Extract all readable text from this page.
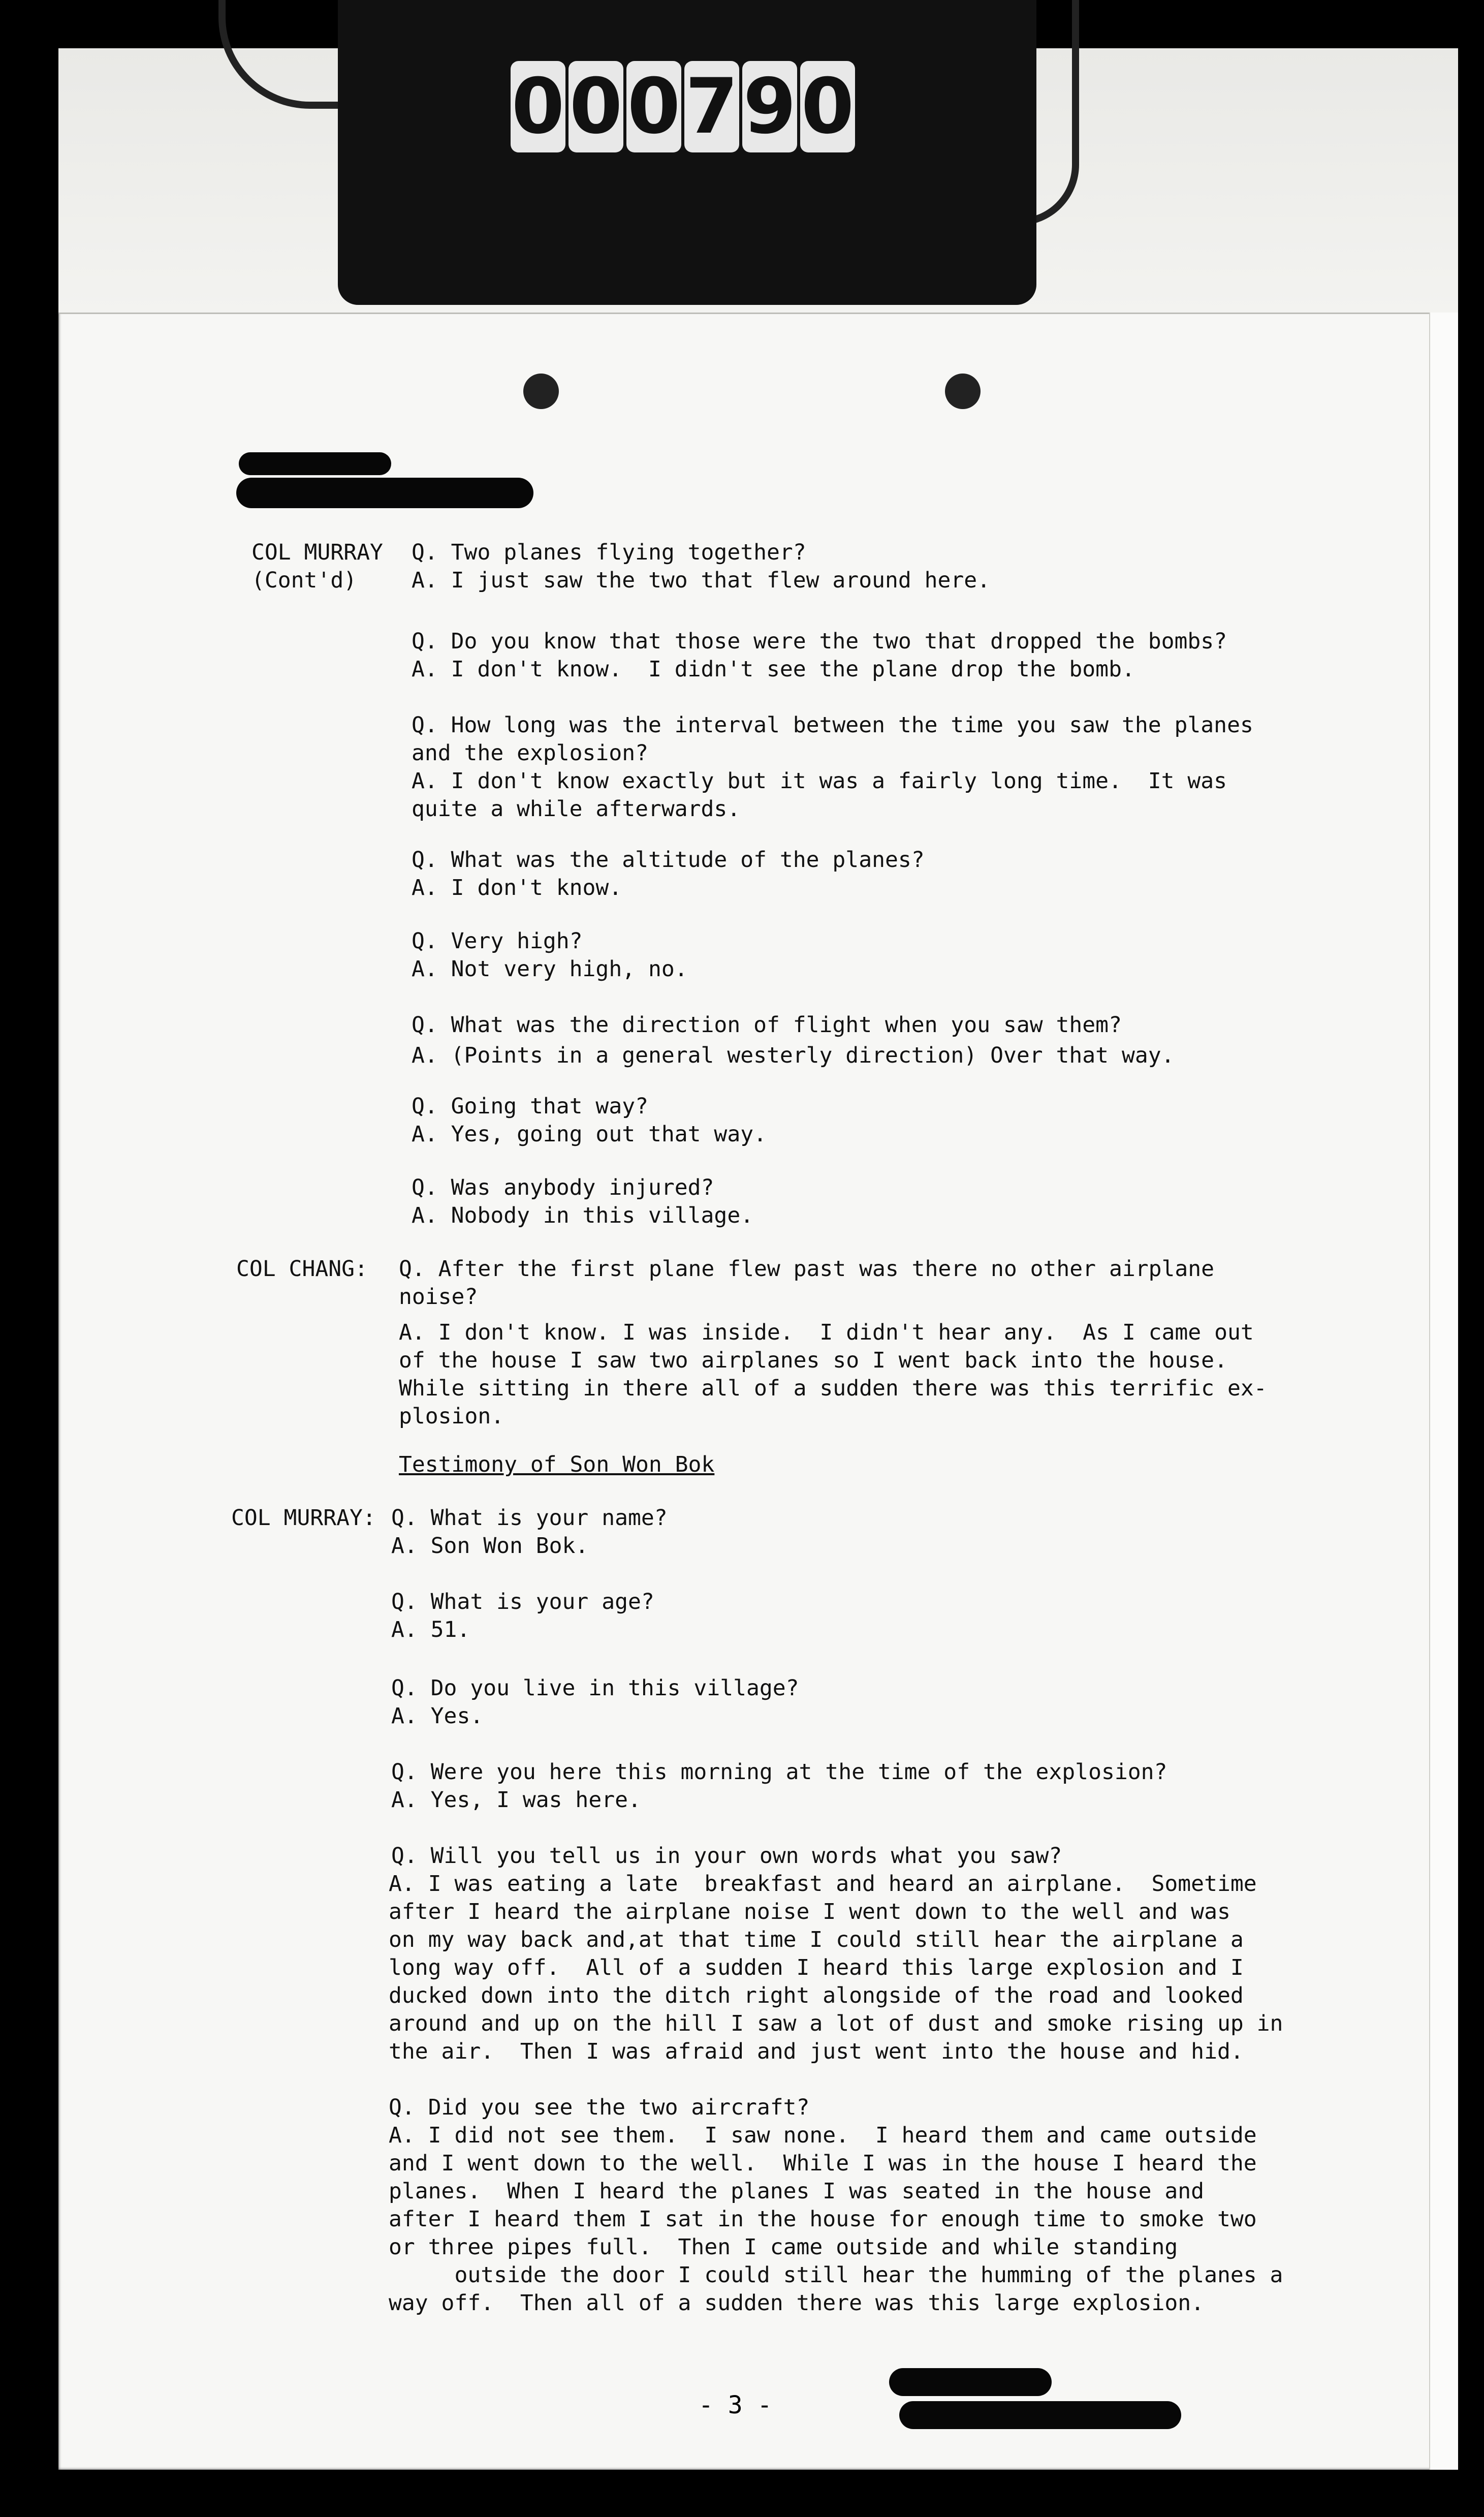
0 0 0 7 9 0
COL MURRAY
(Cont'd)
COL CHANG:
COL MURRAY:
Q. Two planes flying together?
A. I just saw the two that flew around here.
Q. Do you know that those were the two that dropped the bombs?
A. I don't know.  I didn't see the plane drop the bomb.
Q. How long was the interval between the time you saw the planes
and the explosion?
A. I don't know exactly but it was a fairly long time.  It was
quite a while afterwards.
Q. What was the altitude of the planes?
A. I don't know.
Q. Very high?
A. Not very high, no.
Q. What was the direction of flight when you saw them?
A. (Points in a general westerly direction) Over that way.
Q. Going that way?
A. Yes, going out that way.
Q. Was anybody injured?
A. Nobody in this village.
Q. After the first plane flew past was there no other airplane
noise?
A. I don't know. I was inside.  I didn't hear any.  As I came out
of the house I saw two airplanes so I went back into the house.
While sitting in there all of a sudden there was this terrific ex-
plosion.
Q. What is your name?
A. Son Won Bok.
Q. What is your age?
A. 51.
Q. Do you live in this village?
A. Yes.
Q. Were you here this morning at the time of the explosion?
A. Yes, I was here.
Q. Will you tell us in your own words what you saw?
A. I was eating a late  breakfast and heard an airplane.  Sometime
after I heard the airplane noise I went down to the well and was
on my way back and,at that time I could still hear the airplane a
long way off.  All of a sudden I heard this large explosion and I
ducked down into the ditch right alongside of the road and looked
around and up on the hill I saw a lot of dust and smoke rising up in
the air.  Then I was afraid and just went into the house and hid.
Q. Did you see the two aircraft?
A. I did not see them.  I saw none.  I heard them and came outside
and I went down to the well.  While I was in the house I heard the
planes.  When I heard the planes I was seated in the house and
after I heard them I sat in the house for enough time to smoke two
or three pipes full.  Then I came outside and while standing
outside the door I could still hear the humming of the planes a
way off.  Then all of a sudden there was this large explosion.
Testimony of Son Won Bok
- 3 -
